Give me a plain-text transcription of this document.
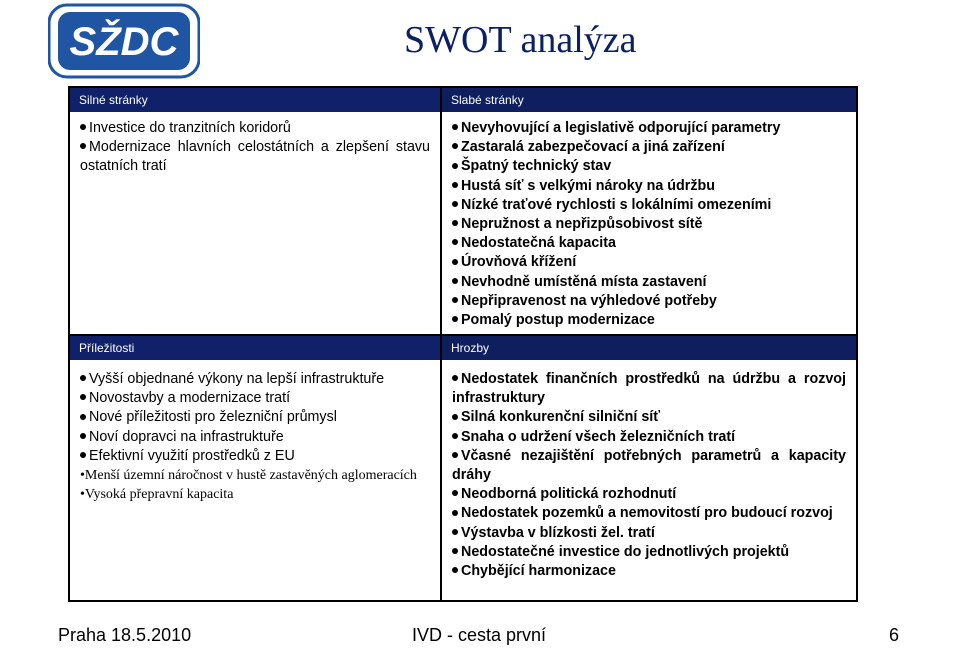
SŽDC	SWOT analýza
Silné stránky
Investice do tranzitních koridorů
Modernizace hlavních celostátních a zlepšení stavu ostatních tratí
Slabé stránky
Nevyhovující a legislativě odporující parametry
Zastaralá zabezpečovací a jiná zařízení
Špatný technický stav
Hustá síť s velkými nároky na údržbu
Nízké traťové rychlosti s lokálními omezeními
Nepružnost a nepřizpůsobivost sítě
Nedostatečná kapacita
Úrovňová křížení
Nevhodně umístěná místa zastavení
Nepřipravenost na výhledové potřeby
Pomalý postup modernizace
Příležitosti
Vyšší objednané výkony na lepší infrastruktuře
Novostavby a modernizace tratí
Nové příležitosti pro železniční průmysl
Noví dopravci na infrastruktuře
Efektivní využití prostředků z EU
•Menší územní náročnost v hustě zastavěných aglomeracích
•Vysoká přepravní kapacita
Hrozby
Nedostatek finančních prostředků na údržbu a rozvoj infrastruktury
Silná konkurenční silniční síť
Snaha o udržení všech železničních tratí
Včasné nezajištění potřebných parametrů a kapacity dráhy
Neodborná politická rozhodnutí
Nedostatek pozemků a nemovitostí pro budoucí rozvoj
Výstavba v blízkosti žel. tratí
Nedostatečné investice do jednotlivých projektů
Chybějící harmonizace
Praha 18.5.2010	IVD - cesta první	6
